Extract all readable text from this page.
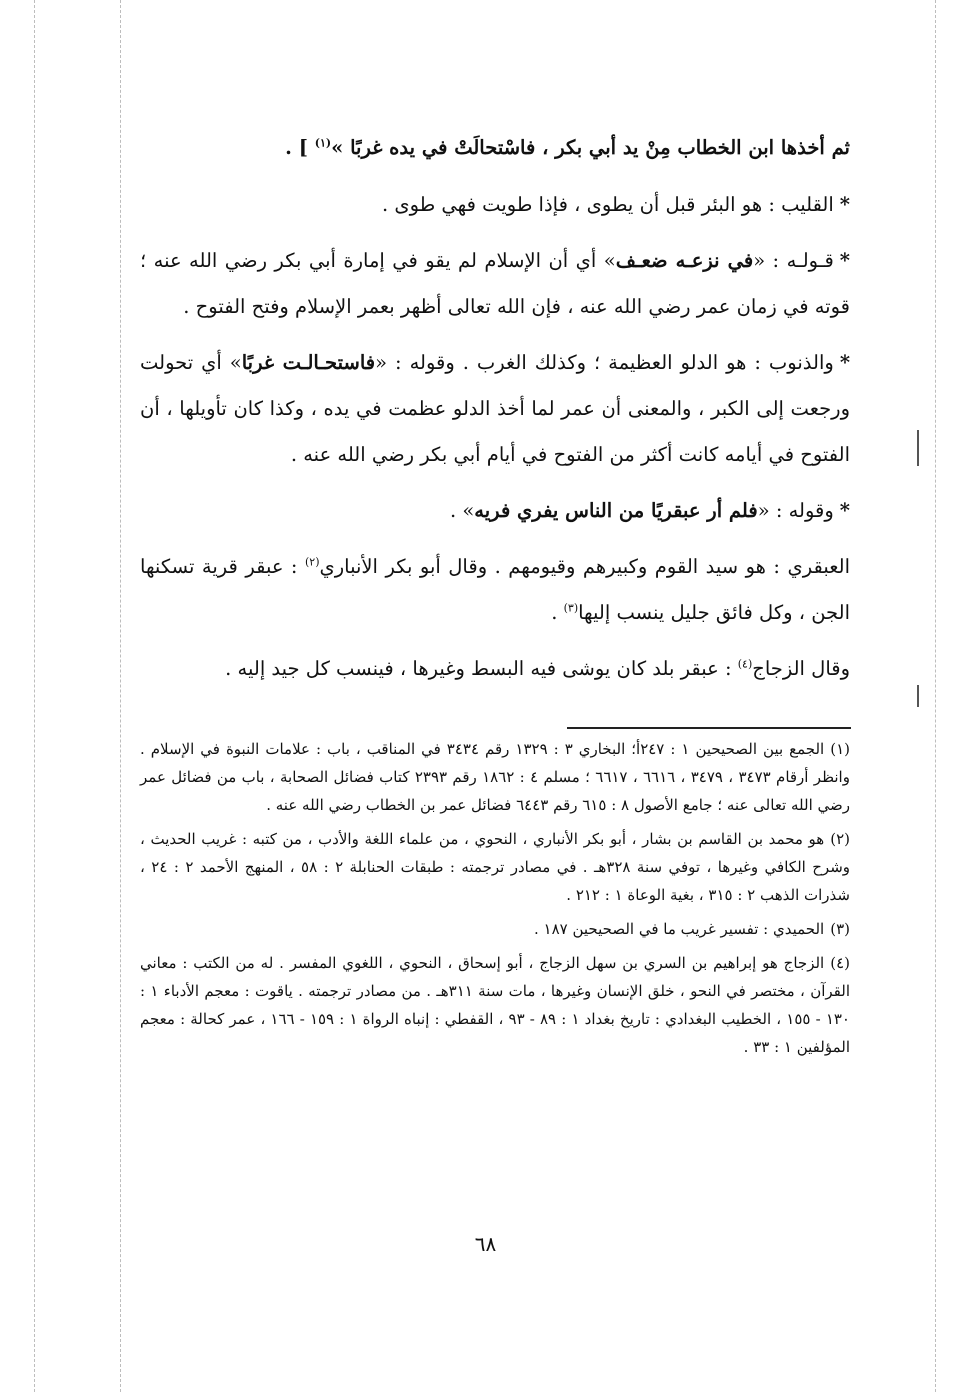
ثم أخذها ابن الخطاب مِنْ يد أبي بكر ، فاسْتحالَتْ في يده غربًا »$^{(١)}$ ] .

*القليب : هو البئر قبل أن يطوى ، فإذا طويت فهي طوى .

*قـولـه : «في نزعـه ضعـف» أي أن الإسلام لم يقو في إمارة أبي بكر رضي الله عنه ؛ قوته في زمان عمر رضي الله عنه ، فإن الله تعالى أظهر بعمر الإسلام وفتح الفتوح .

*والذنوب : هو الدلو العظيمة ؛ وكذلك الغرب . وقوله : «فاستحـالـت غربًا» أي تحولت ورجعت إلى الكبر ، والمعنى أن عمر لما أخذ الدلو عظمت في يده ، وكذا كان تأويلها ، أن الفتوح في أيامه كانت أكثر من الفتوح في أيام أبي بكر رضي الله عنه .

*وقوله : «فلم أر عبقريًا من الناس يفري فريه» .

العبقري : هو سيد القوم وكبيرهم وقيومهم . وقال أبو بكر الأنباري$^{(٢)}$ : عبقر قرية تسكنها الجن ، وكل فائق جليل ينسب إليها$^{(٣)}$ .

وقال الزجاج$^{(٤)}$ : عبقر بلد كان يوشى فيه البسط وغيرها ، فينسب كل جيد إليه .

(١)الجمع بين الصحيحين ١ : ٢٤٧أ؛ البخاري ٣ : ١٣٢٩ رقم ٣٤٣٤ في المناقب ، باب : علامات النبوة في الإسلام . وانظر أرقام ٣٤٧٣ ، ٣٤٧٩ ، ٦٦١٦ ، ٦٦١٧ ؛ مسلم ٤ : ١٨٦٢ رقم ٢٣٩٣ كتاب فضائل الصحابة ، باب من فضائل عمر رضي الله تعالى عنه ؛ جامع الأصول ٨ : ٦١٥ رقم ٦٤٤٣ فضائل عمر بن الخطاب رضي الله عنه .

(٢)هو محمد بن القاسم بن بشار ، أبو بكر الأنباري ، النحوي ، من علماء اللغة والأدب ، من كتبه : غريب الحديث ، وشرح الكافي وغيرها ، توفي سنة ٣٢٨هـ . في مصادر ترجمته : طبقات الحنابلة ٢ : ٥٨ ، المنهج الأحمد ٢ : ٢٤ ، شذرات الذهب ٢ : ٣١٥ ، بغية الوعاة ١ : ٢١٢ .

(٣)الحميدي : تفسير غريب ما في الصحيحين ١٨٧ .

(٤)الزجاج هو إبراهيم بن السري بن سهل الزجاج ، أبو إسحاق ، النحوي ، اللغوي المفسر . له من الكتب : معاني القرآن ، مختصر في النحو ، خلق الإنسان وغيرها ، مات سنة ٣١١هـ . من مصادر ترجمته . ياقوت : معجم الأدباء ١ : ١٣٠ - ١٥٥ ، الخطيب البغدادي : تاريخ بغداد ١ : ٨٩ - ٩٣ ، القفطي : إنباه الرواة ١ : ١٥٩ - ١٦٦ ، عمر كحالة : معجم المؤلفين ١ : ٣٣ .

٦٨
